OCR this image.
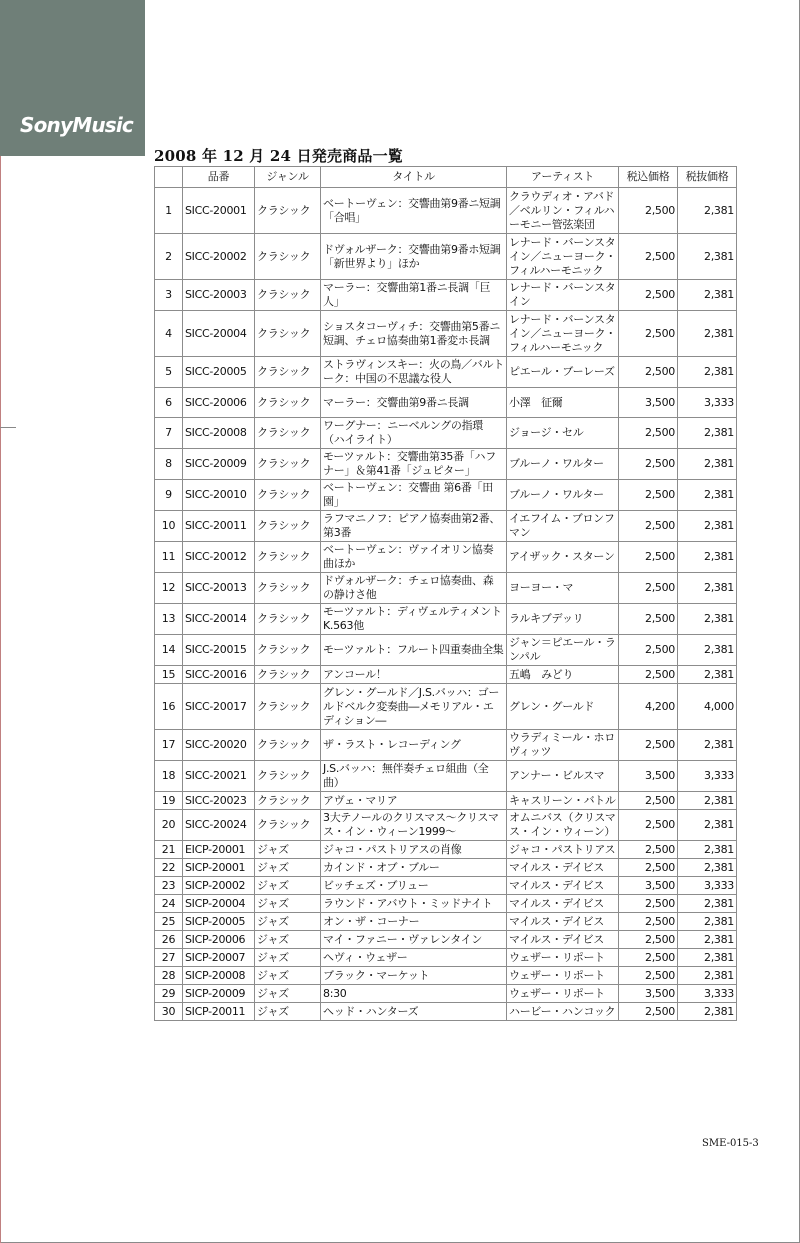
SonyMusic
2008 年 12 月 24 日発売商品一覧
	品番	ジャンル	タイトル	アーティスト	税込価格	税抜価格
1	SICC-20001	クラシック	ベートーヴェン：交響曲第9番ニ短調「合唱」	クラウディオ・アバド／ベルリン・フィルハーモニー管弦楽団	2,500	2,381
2	SICC-20002	クラシック	ドヴォルザーク：交響曲第9番ホ短調「新世界より」ほか	レナード・バーンスタイン／ニューヨーク・フィルハーモニック	2,500	2,381
3	SICC-20003	クラシック	マーラー：交響曲第1番ニ長調「巨人」	レナード・バーンスタイン	2,500	2,381
4	SICC-20004	クラシック	ショスタコーヴィチ：交響曲第5番ニ短調、チェロ協奏曲第1番変ホ長調	レナード・バーンスタイン／ニューヨーク・フィルハーモニック	2,500	2,381
5	SICC-20005	クラシック	ストラヴィンスキー：火の鳥／バルトーク：中国の不思議な役人	ピエール・ブーレーズ	2,500	2,381
6	SICC-20006	クラシック	マーラー：交響曲第9番ニ長調	小澤　征爾	3,500	3,333
7	SICC-20008	クラシック	ワーグナー：ニーベルングの指環（ハイライト）	ジョージ・セル	2,500	2,381
8	SICC-20009	クラシック	モーツァルト：交響曲第35番「ハフナー」＆第41番「ジュピター」	ブルーノ・ワルター	2,500	2,381
9	SICC-20010	クラシック	ベートーヴェン：交響曲 第6番「田園」	ブルーノ・ワルター	2,500	2,381
10	SICC-20011	クラシック	ラフマニノフ：ピアノ協奏曲第2番、第3番	イエフイム・ブロンフマン	2,500	2,381
11	SICC-20012	クラシック	ベートーヴェン：ヴァイオリン協奏曲ほか	アイザック・スターン	2,500	2,381
12	SICC-20013	クラシック	ドヴォルザーク：チェロ協奏曲、森の静けさ他	ヨーヨー・マ	2,500	2,381
13	SICC-20014	クラシック	モーツァルト：ディヴェルティメントK.563他	ラルキブデッリ	2,500	2,381
14	SICC-20015	クラシック	モーツァルト：フルート四重奏曲全集	ジャン＝ピエール・ランパル	2,500	2,381
15	SICC-20016	クラシック	アンコール！	五嶋　みどり	2,500	2,381
16	SICC-20017	クラシック	グレン・グールド／J.S.バッハ：ゴールドベルク変奏曲―メモリアル・エディション―	グレン・グールド	4,200	4,000
17	SICC-20020	クラシック	ザ・ラスト・レコーディング	ウラディミール・ホロヴィッツ	2,500	2,381
18	SICC-20021	クラシック	J.S.バッハ：無伴奏チェロ組曲（全曲）	アンナー・ビルスマ	3,500	3,333
19	SICC-20023	クラシック	アヴェ・マリア	キャスリーン・バトル	2,500	2,381
20	SICC-20024	クラシック	3大テノールのクリスマス～クリスマス・イン・ウィーン1999～	オムニバス（クリスマス・イン・ウィーン）	2,500	2,381
21	EICP-20001	ジャズ	ジャコ・パストリアスの肖像	ジャコ・パストリアス	2,500	2,381
22	SICP-20001	ジャズ	カインド・オブ・ブルー	マイルス・デイビス	2,500	2,381
23	SICP-20002	ジャズ	ビッチェズ・ブリュー	マイルス・デイビス	3,500	3,333
24	SICP-20004	ジャズ	ラウンド・アバウト・ミッドナイト	マイルス・デイビス	2,500	2,381
25	SICP-20005	ジャズ	オン・ザ・コーナー	マイルス・デイビス	2,500	2,381
26	SICP-20006	ジャズ	マイ・ファニー・ヴァレンタイン	マイルス・デイビス	2,500	2,381
27	SICP-20007	ジャズ	ヘヴィ・ウェザー	ウェザー・リポート	2,500	2,381
28	SICP-20008	ジャズ	ブラック・マーケット	ウェザー・リポート	2,500	2,381
29	SICP-20009	ジャズ	8:30	ウェザー・リポート	3,500	3,333
30	SICP-20011	ジャズ	ヘッド・ハンターズ	ハービー・ハンコック	2,500	2,381
SME-015-3
